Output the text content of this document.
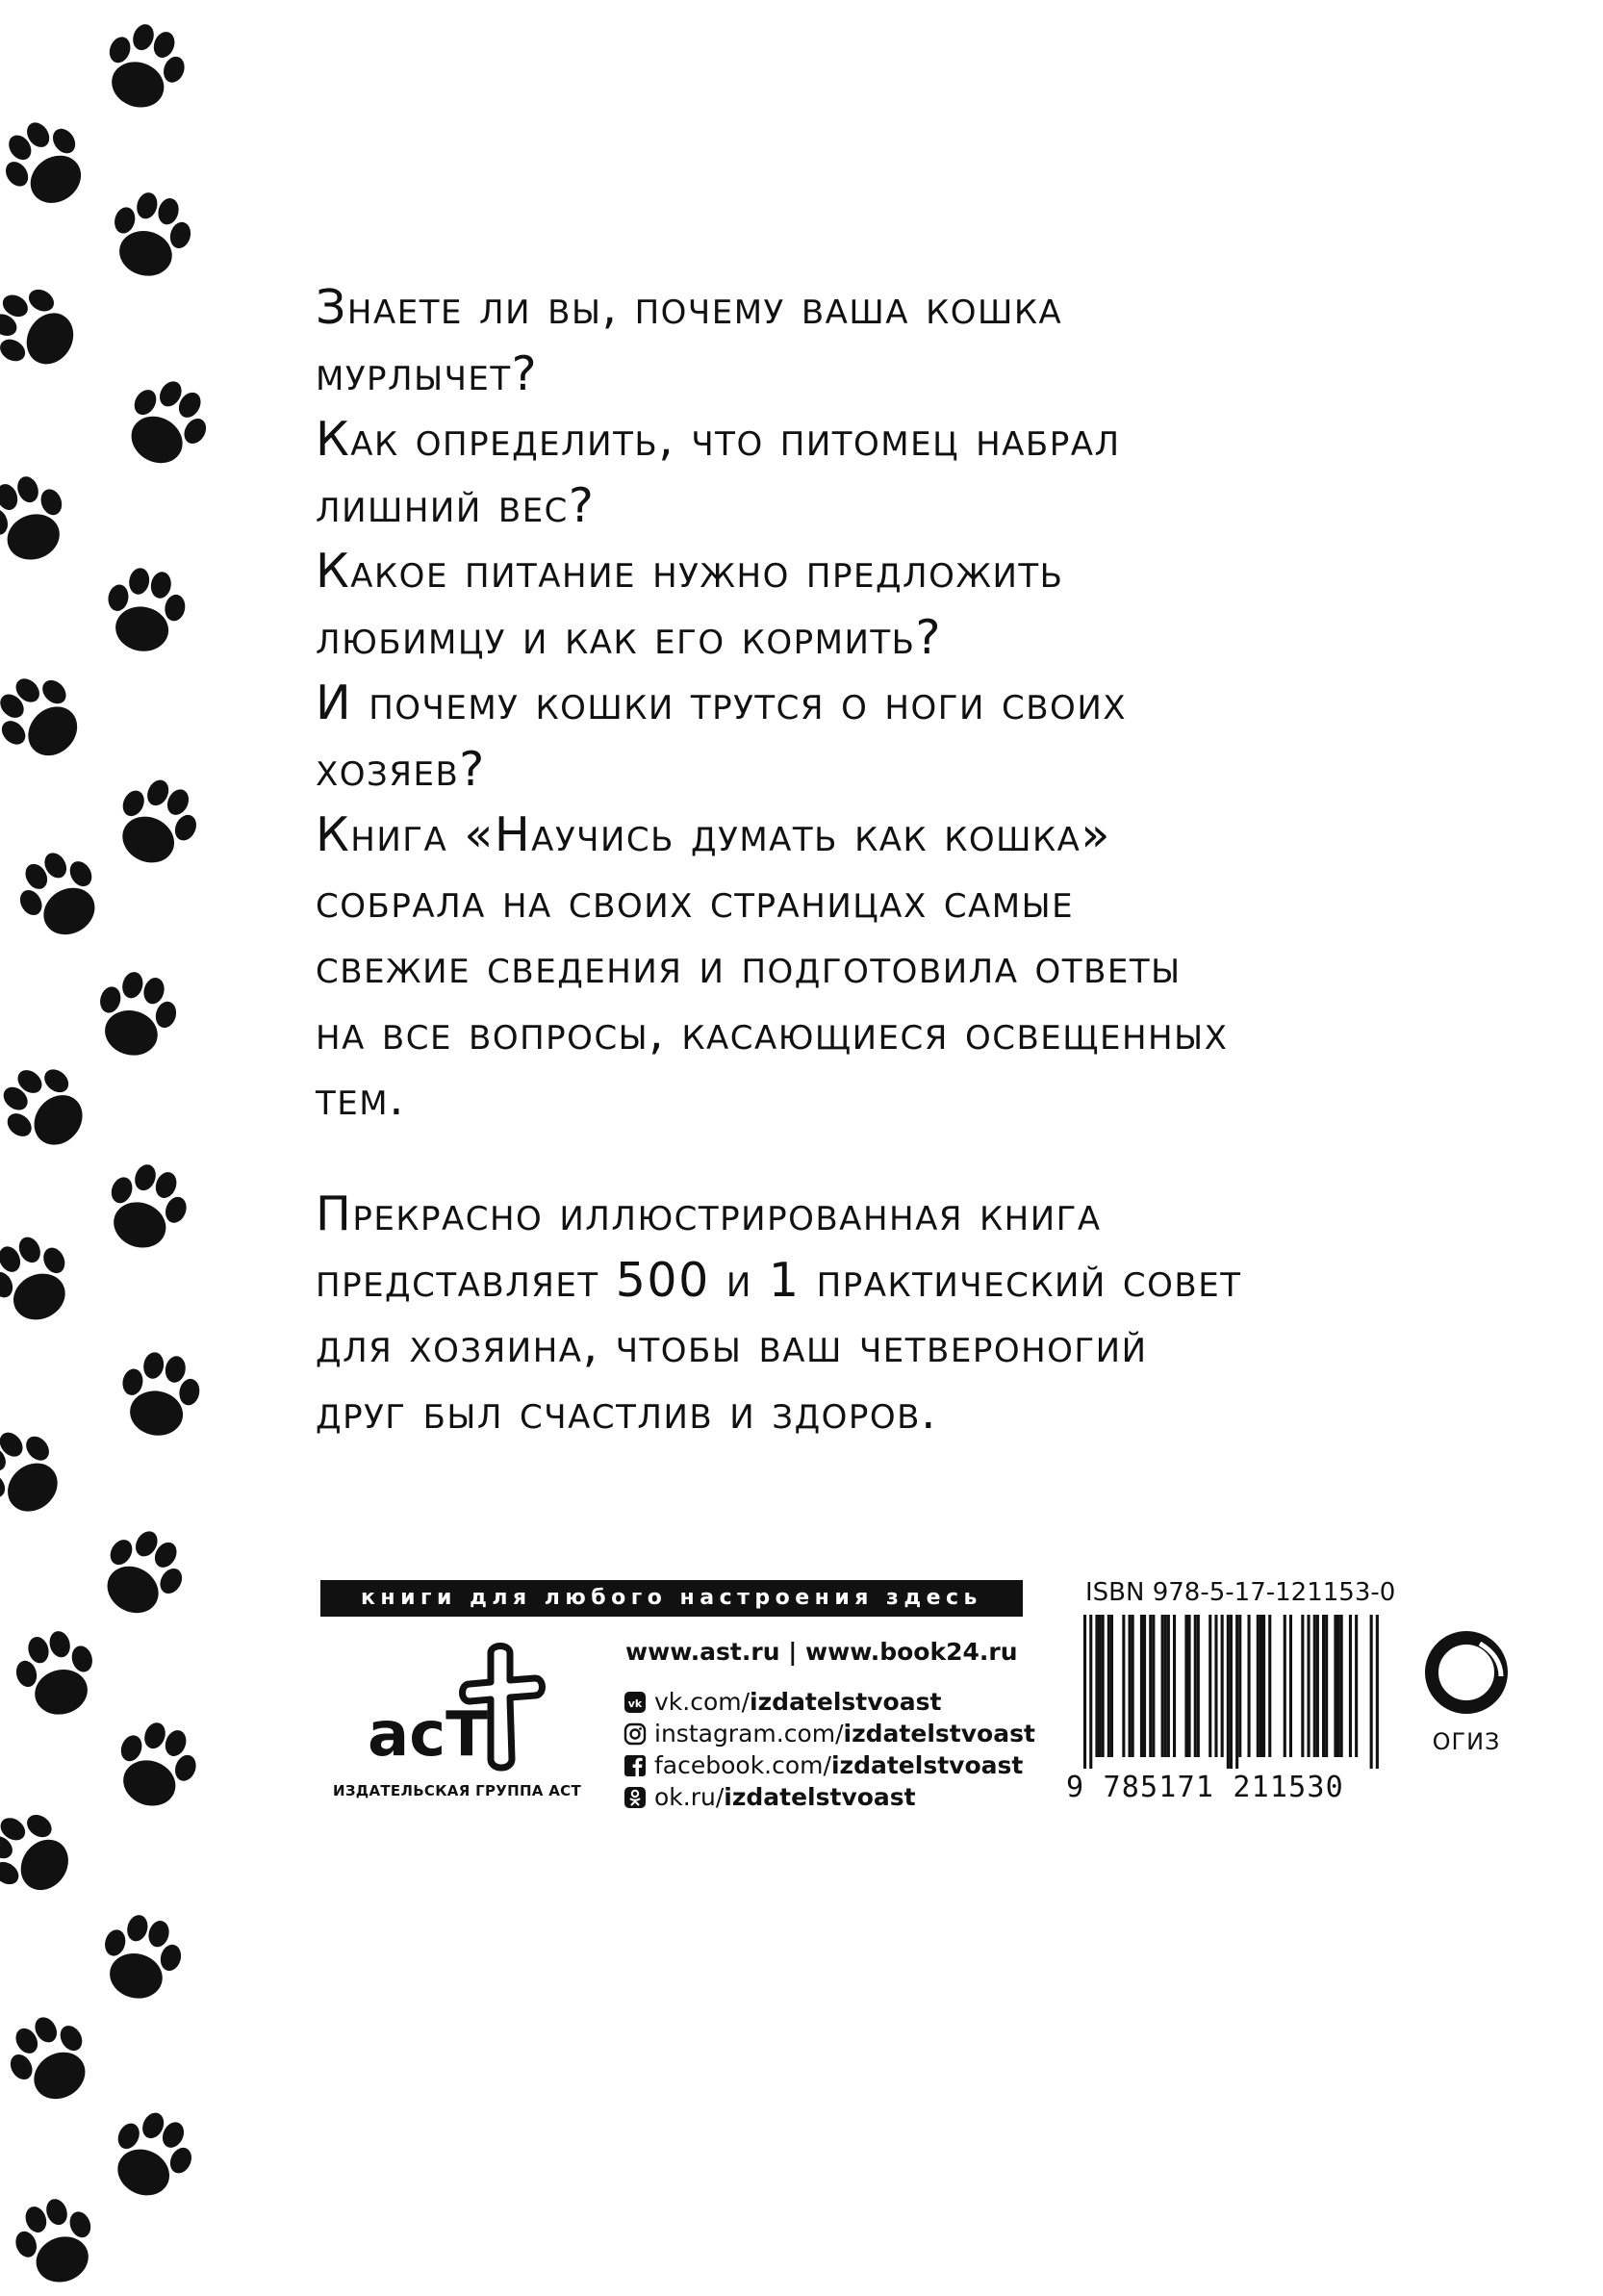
Знаете ли вы, почему ваша кошка
мурлычет?
Как определить, что питомец набрал
лишний вес?
Какое питание нужно предложить
любимцу и как его кормить?
И почему кошки трутся о ноги своих
хозяев?
Книга «Научись думать как кошка»
собрала на своих страницах самые
свежие сведения и подготовила ответы
на все вопросы, касающиеся освещенных
тем.
Прекрасно иллюстрированная книга
представляет 500 и 1 практический совет
для хозяина, чтобы ваш четвероногий
друг был счастлив и здоров.
книги для любого настроения здесь
acT
ИЗДАТЕЛЬСКАЯ ГРУППА АСТ
www.ast.ru | www.book24.ru
vk vk.com/ izdatelstvoast
instagram.com/ izdatelstvoast
facebook.com/ izdatelstvoast
ok.ru/ izdatelstvoast
ISBN 978-5-17-121153-0
9 785171 211530
ОГИЗ
